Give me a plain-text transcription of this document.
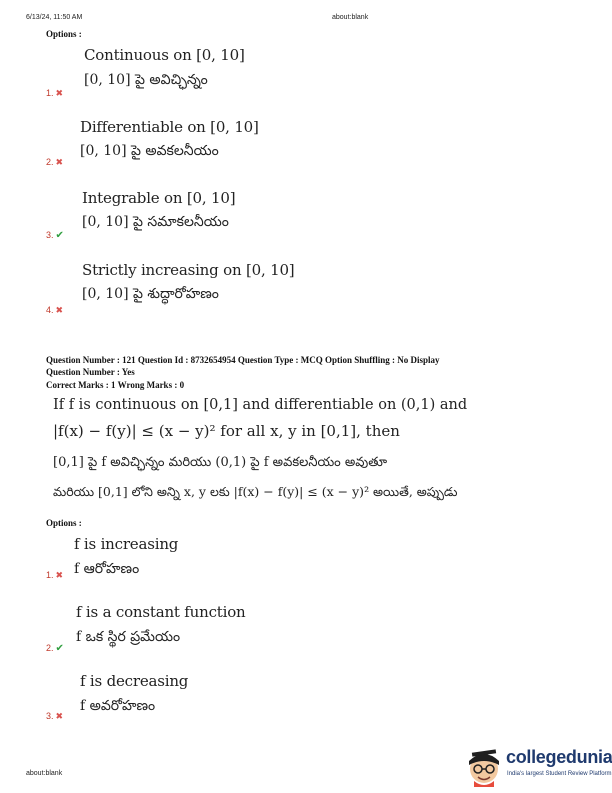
6/13/24, 11:50 AM	about:blank
Options :
Continuous on [0, 10]
[0, 10] పై అవిచ్ఛిన్నం
1. ✖
Differentiable on [0, 10]
[0, 10] పై అవకలనీయం
2. ✖
Integrable on [0, 10]
[0, 10] పై సమాకలనీయం
3. ✔
Strictly increasing on [0, 10]
[0, 10] పై శుద్ధారోహణం
4. ✖
Question Number : 121 Question Id : 8732654954 Question Type : MCQ Option Shuffling : No Display
Question Number : Yes
Correct Marks : 1 Wrong Marks : 0
If f is continuous on [0,1] and differentiable on (0,1) and
|f(x) − f(y)| ≤ (x − y)² for all x, y in [0,1], then
[0,1] పై f అవిచ్ఛిన్నం మరియు (0,1) పై f అవకలనీయం అవుతూ
మరియు [0,1] లోని అన్ని x, y లకు |f(x) − f(y)| ≤ (x − y)² అయితే, అప్పుడు
Options :
f is increasing
f ఆరోహణం
1. ✖
f is a constant function
f ఒక స్థిర ప్రమేయం
2. ✔
f is decreasing
f అవరోహణం
3. ✖
about:blank
collegedunia
India's largest Student Review Platform
